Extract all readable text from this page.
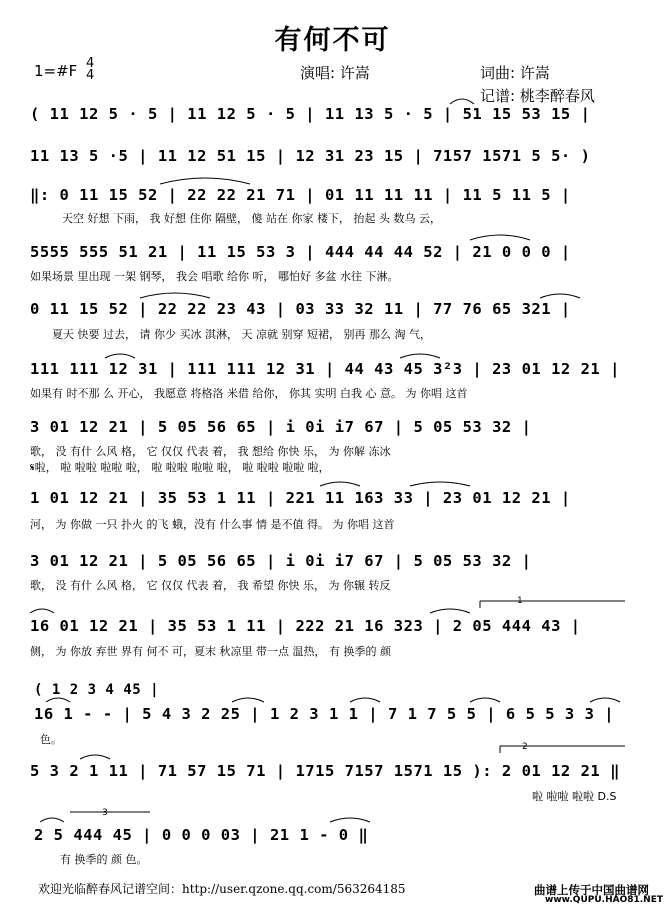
有何不可
1=#F 4
4	演唱: 许嵩	词曲: 许嵩
记谱: 桃李醉春风
( 11 12 5 · 5 | 11 12 5 · 5 | 11 13 5 · 5 | 51 15 53 15 |
11 13 5 ·5 | 11 12 51 15 | 12 31 23 15 | 7157 1571 5 5· )
‖: 0 11 15 52 | 22 22 21 71 | 01 11 11 11 | 11 5 11 5 |
天空 好想 下雨， 我 好想 住你 隔壁， 傻 站在 你家 楼下， 抬起 头 数乌 云，
5555 555 51 21 | 11 15 53 3 | 444 44 44 52 | 21 0 0 0 |
如果场景 里出现 一架 钢琴， 我会 唱歌 给你 听， 哪怕好 多盆 水往 下淋。
0 11 15 52 | 22 22 23 43 | 03 33 32 11 | 77 76 65 321 |
夏天 快要 过去， 请 你少 买冰 淇淋， 天 凉就 别穿 短裙， 别再 那么 淘 气，
111 111 12 31 | 111 111 12 31 | 44 43 45 3²3 | 23 01 12 21 |
如果有 时不那 么 开心， 我愿意 将格洛 米借 给你， 你其 实明 白我 心 意。 为 你唱 这首
3 01 12 21 | 5 05 56 65 | i 0i i7 67 | 5 05 53 32 |
歌， 没 有什 么风 格， 它 仅仅 代表 着， 我 想给 你快 乐， 为 你解 冻冰
𝄋啦， 啦 啦啦 啦啦 啦， 啦 啦啦 啦啦 啦， 啦 啦啦 啦啦 啦，
1 01 12 21 | 35 53 1 11 | 221 11 163 33 | 23 01 12 21 |
河， 为 你做 一只 扑火 的飞 蛾，没有 什么事 情 是不值 得。 为 你唱 这首
3 01 12 21 | 5 05 56 65 | i 0i i7 67 | 5 05 53 32 |
歌， 没 有什 么风 格， 它 仅仅 代表 着， 我 希望 你快 乐， 为 你辗 转反
16 01 12 21 | 35 53 1 11 | 222 21 16 323 | 2 05 444 43 |
侧， 为 你放 弃世 界有 何不 可，夏末 秋凉里 带一点 温热， 有 换季的 颜
( 1 2 3 4 45 |
16 1 - - | 5 4 3 2 25 | 1 2 3 1 1 | 7 1 7 5 5 | 6 5 5 3 3 |
色。
5 3 2 1 11 | 71 57 15 71 | 1715 7157 1571 15 ): 2 01 12 21 ‖
啦 啦啦 啦啦 D.S
2 5 444 45 | 0 0 0 03 | 21 1 - 0 ‖
有 换季的 颜 色。
1
2
3
欢迎光临醉春风记谱空间：http://user.qzone.qq.com/563264185	曲谱上传于中国曲谱网
www.QUPU.HAO81.NET
